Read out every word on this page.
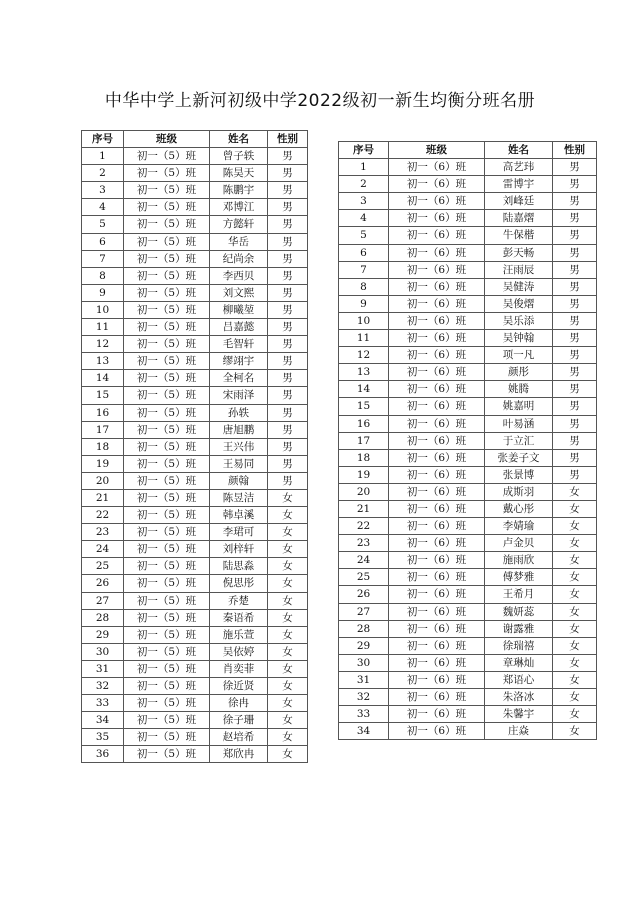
中华中学上新河初级中学2022级初一新生均衡分班名册
序号	班级	姓名	性别
1	初一（5）班	曾子轶	男
2	初一（5）班	陈昊天	男
3	初一（5）班	陈鹏宇	男
4	初一（5）班	邓博江	男
5	初一（5）班	方懿轩	男
6	初一（5）班	华岳	男
7	初一（5）班	纪尚余	男
8	初一（5）班	李西贝	男
9	初一（5）班	刘文熙	男
10	初一（5）班	柳曦堃	男
11	初一（5）班	吕嘉懿	男
12	初一（5）班	毛智轩	男
13	初一（5）班	缪翊宇	男
14	初一（5）班	全柯名	男
15	初一（5）班	宋雨泽	男
16	初一（5）班	孙轶	男
17	初一（5）班	唐旭鹏	男
18	初一（5）班	王兴伟	男
19	初一（5）班	王易同	男
20	初一（5）班	颜翰	男
21	初一（5）班	陈昱洁	女
22	初一（5）班	韩卓溪	女
23	初一（5）班	李珺可	女
24	初一（5）班	刘梓轩	女
25	初一（5）班	陆思淼	女
26	初一（5）班	倪思彤	女
27	初一（5）班	乔楚	女
28	初一（5）班	秦语希	女
29	初一（5）班	施乐萱	女
30	初一（5）班	吴依婷	女
31	初一（5）班	肖奕菲	女
32	初一（5）班	徐近贤	女
33	初一（5）班	徐冉	女
34	初一（5）班	徐子珊	女
35	初一（5）班	赵培希	女
36	初一（5）班	郑欣冉	女
序号	班级	姓名	性别
1	初一（6）班	高艺玮	男
2	初一（6）班	雷博宇	男
3	初一（6）班	刘峰廷	男
4	初一（6）班	陆嘉熠	男
5	初一（6）班	牛保楷	男
6	初一（6）班	彭天畅	男
7	初一（6）班	汪雨辰	男
8	初一（6）班	吴健涛	男
9	初一（6）班	吴俊熠	男
10	初一（6）班	吴乐添	男
11	初一（6）班	吴钟翰	男
12	初一（6）班	项一凡	男
13	初一（6）班	颜彤	男
14	初一（6）班	姚腾	男
15	初一（6）班	姚嘉明	男
16	初一（6）班	叶易涵	男
17	初一（6）班	于立汇	男
18	初一（6）班	张姜子文	男
19	初一（6）班	张景博	男
20	初一（6）班	成斯羽	女
21	初一（6）班	戴心彤	女
22	初一（6）班	李婧瑜	女
23	初一（6）班	卢金贝	女
24	初一（6）班	施雨欣	女
25	初一（6）班	傅梦雅	女
26	初一（6）班	王希月	女
27	初一（6）班	魏妍蕊	女
28	初一（6）班	谢露雅	女
29	初一（6）班	徐瑞禧	女
30	初一（6）班	章琳灿	女
31	初一（6）班	郑语心	女
32	初一（6）班	朱洛冰	女
33	初一（6）班	朱馨宇	女
34	初一（6）班	庄焱	女
